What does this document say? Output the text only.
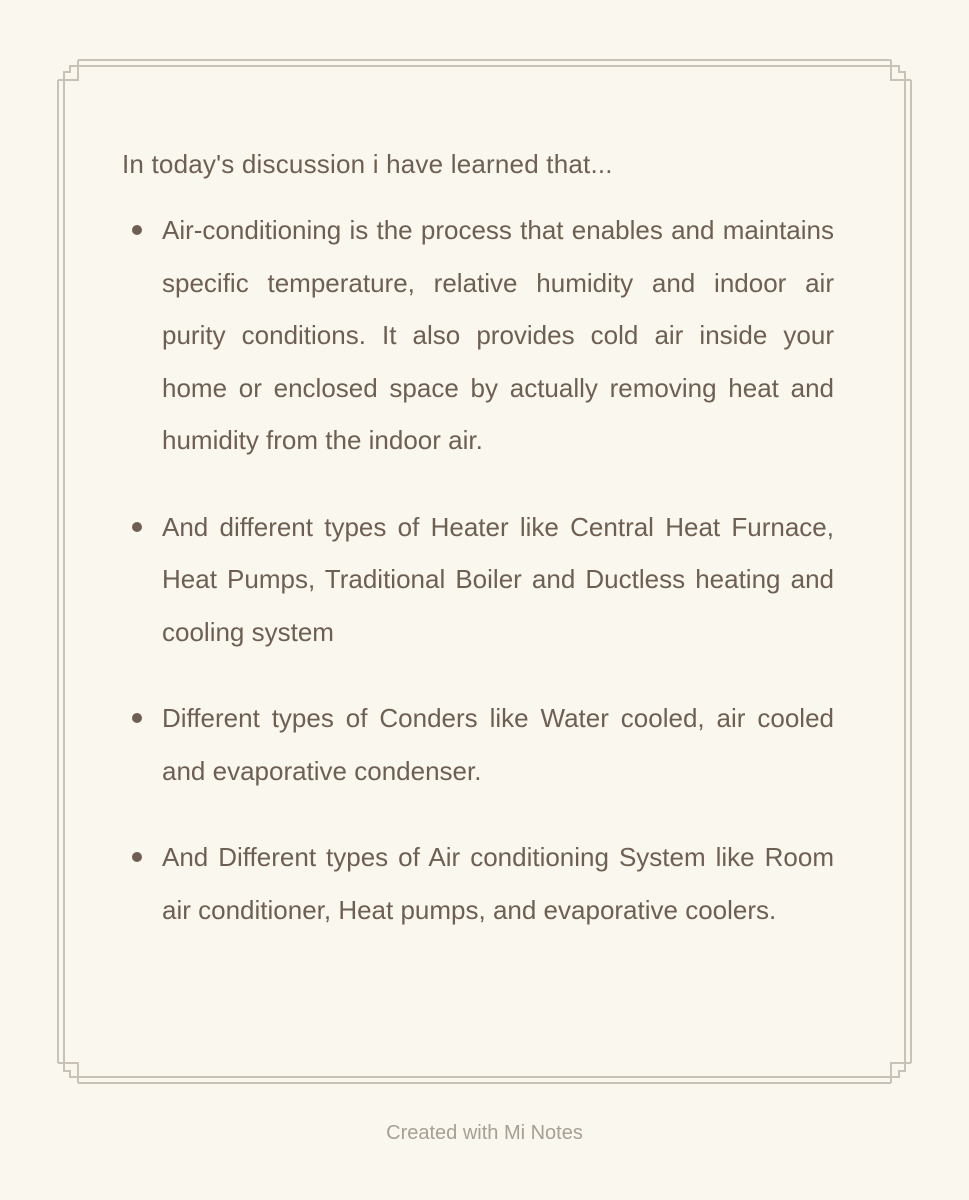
In today's discussion i have learned that...

Air-conditioning is the process that enables and maintains specific temperature, relative humidity and indoor air purity conditions. It also provides cold air inside your home or enclosed space by actually removing heat and humidity from the indoor air.
And different types of Heater like Central Heat Furnace, Heat Pumps, Traditional Boiler and Ductless heating and cooling system
Different types of Conders like Water cooled, air cooled and evaporative condenser.
And Different types of Air conditioning System like Room air conditioner, Heat pumps, and evaporative coolers.
Created with Mi Notes
